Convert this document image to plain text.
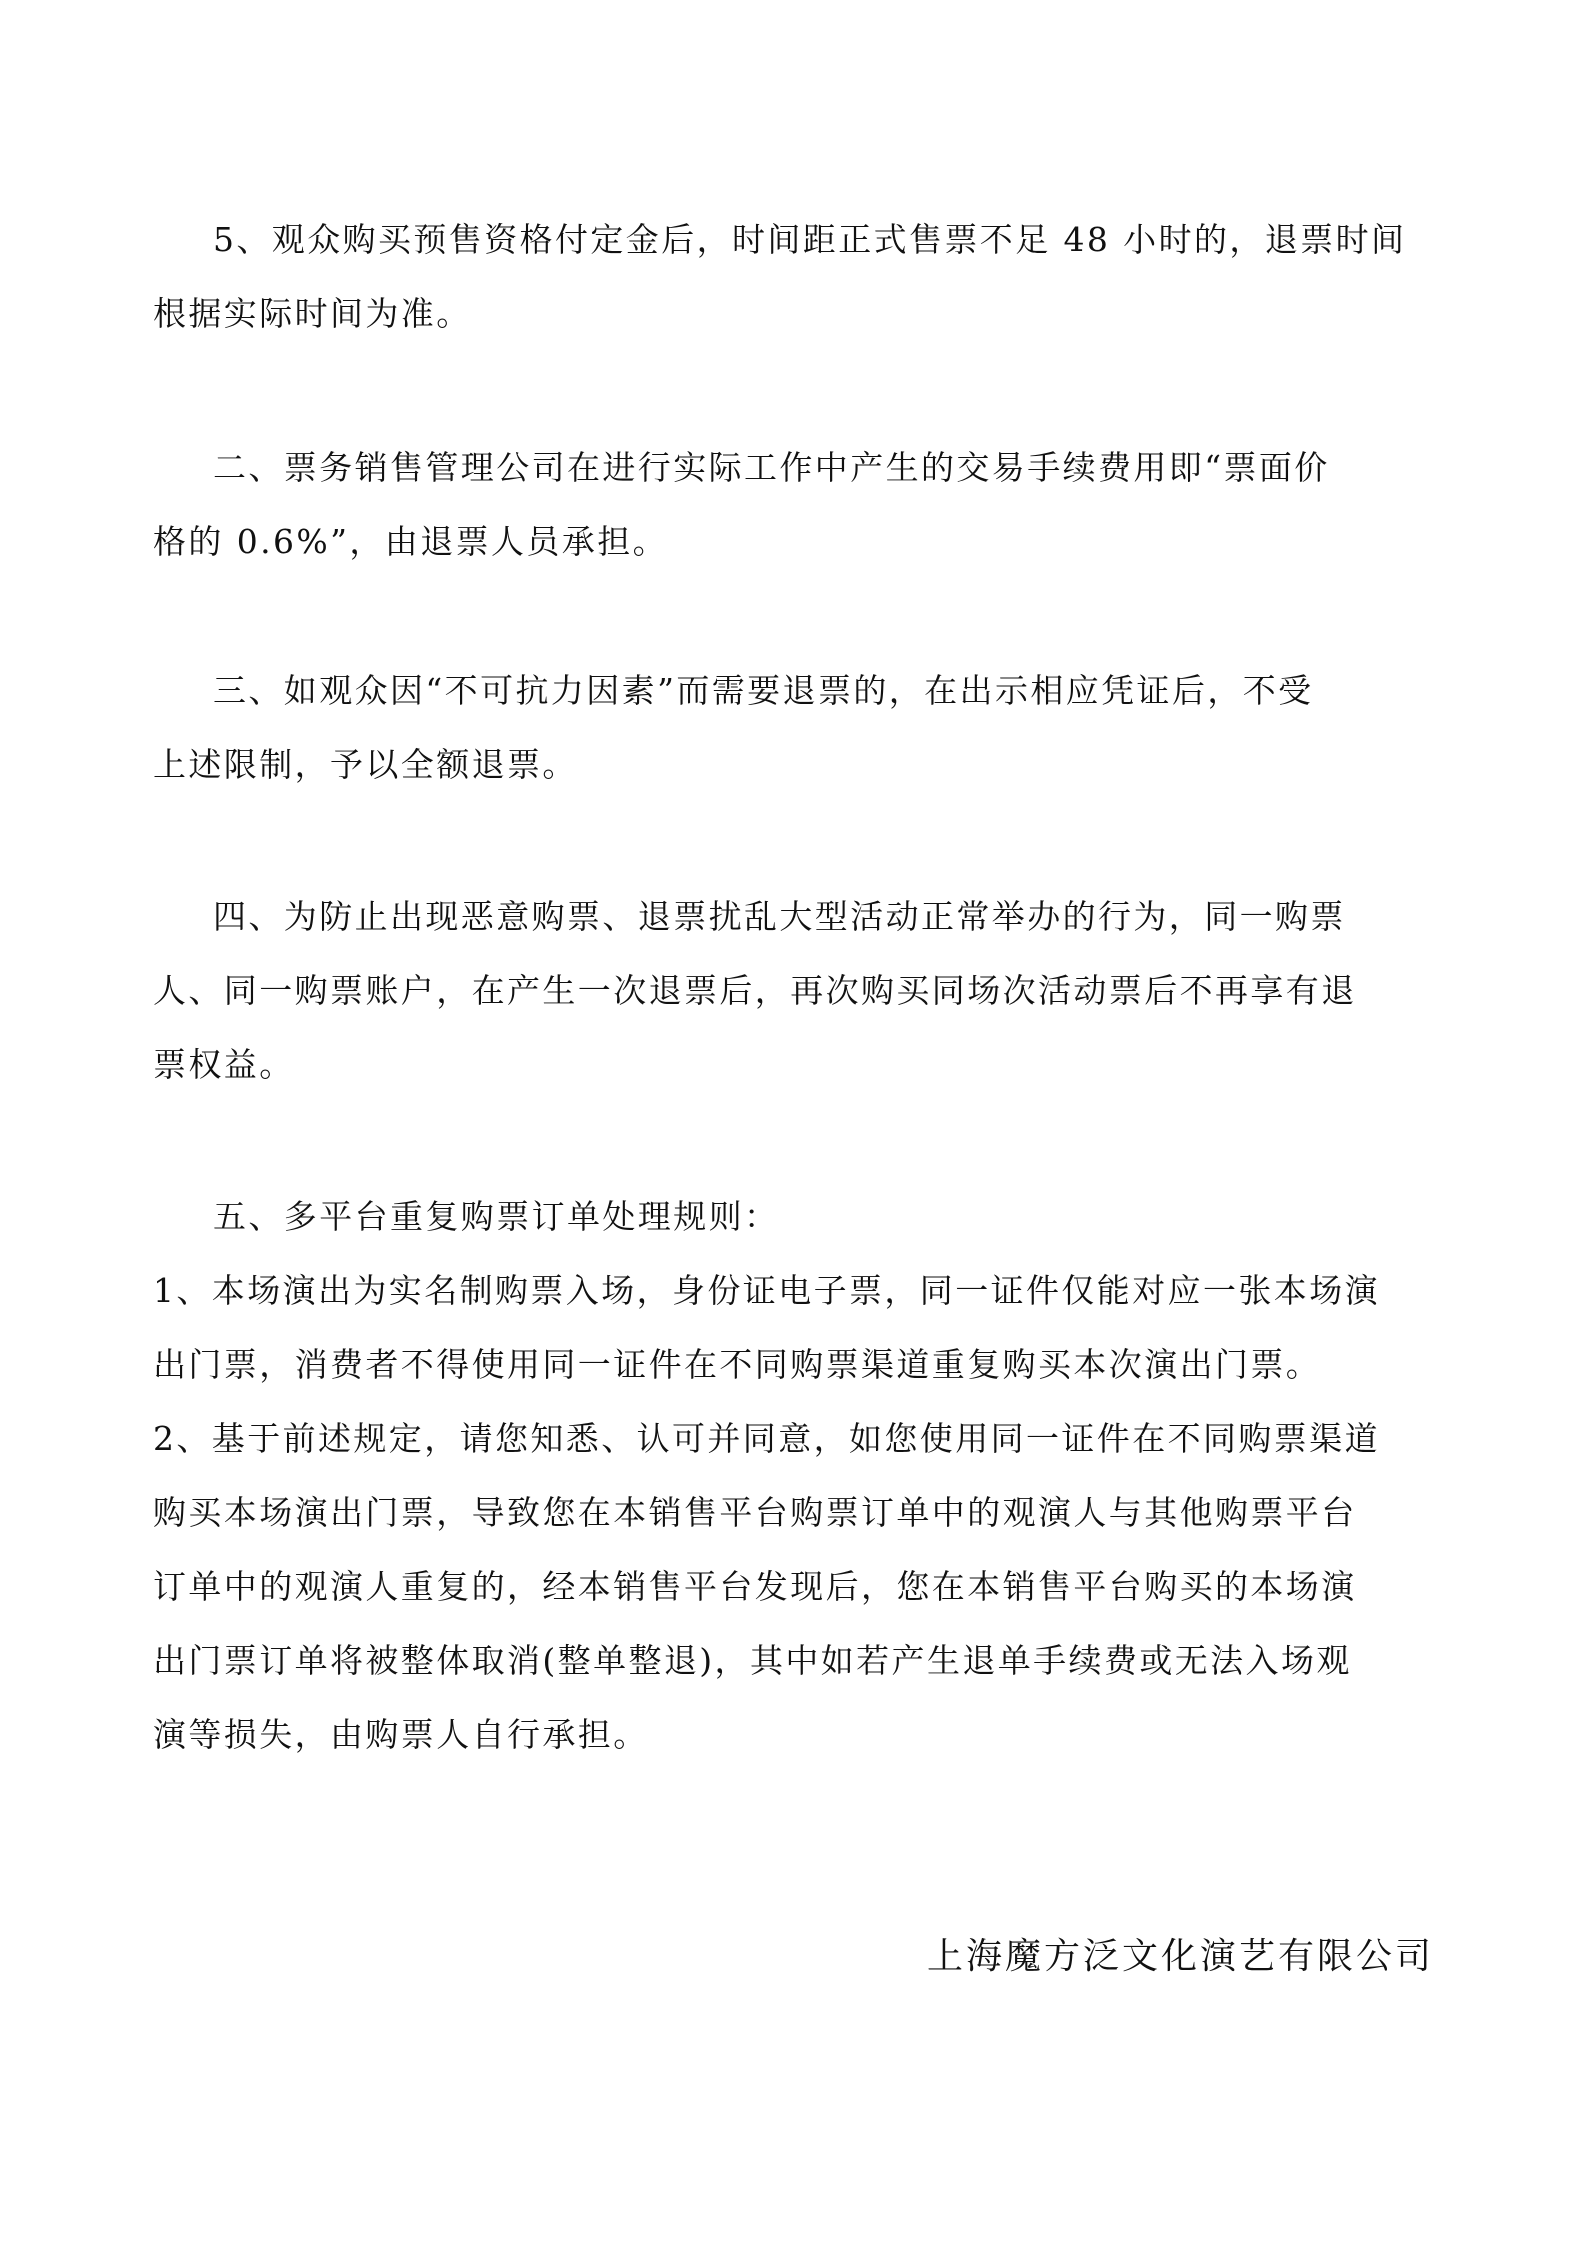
5、观众购买预售资格付定金后，时间距正式售票不足 48 小时的，退票时间
根据实际时间为准。
二、票务销售管理公司在进行实际工作中产生的交易手续费用即“票面价
格的 0.6%”，由退票人员承担。
三、如观众因“不可抗力因素”而需要退票的，在出示相应凭证后，不受
上述限制，予以全额退票。
四、为防止出现恶意购票、退票扰乱大型活动正常举办的行为，同一购票
人、同一购票账户，在产生一次退票后，再次购买同场次活动票后不再享有退
票权益。
五、多平台重复购票订单处理规则：
1、本场演出为实名制购票入场，身份证电子票，同一证件仅能对应一张本场演
出门票，消费者不得使用同一证件在不同购票渠道重复购买本次演出门票。
2、基于前述规定，请您知悉、认可并同意，如您使用同一证件在不同购票渠道
购买本场演出门票，导致您在本销售平台购票订单中的观演人与其他购票平台
订单中的观演人重复的，经本销售平台发现后，您在本销售平台购买的本场演
出门票订单将被整体取消(整单整退)，其中如若产生退单手续费或无法入场观
演等损失，由购票人自行承担。
上海魔方泛文化演艺有限公司
